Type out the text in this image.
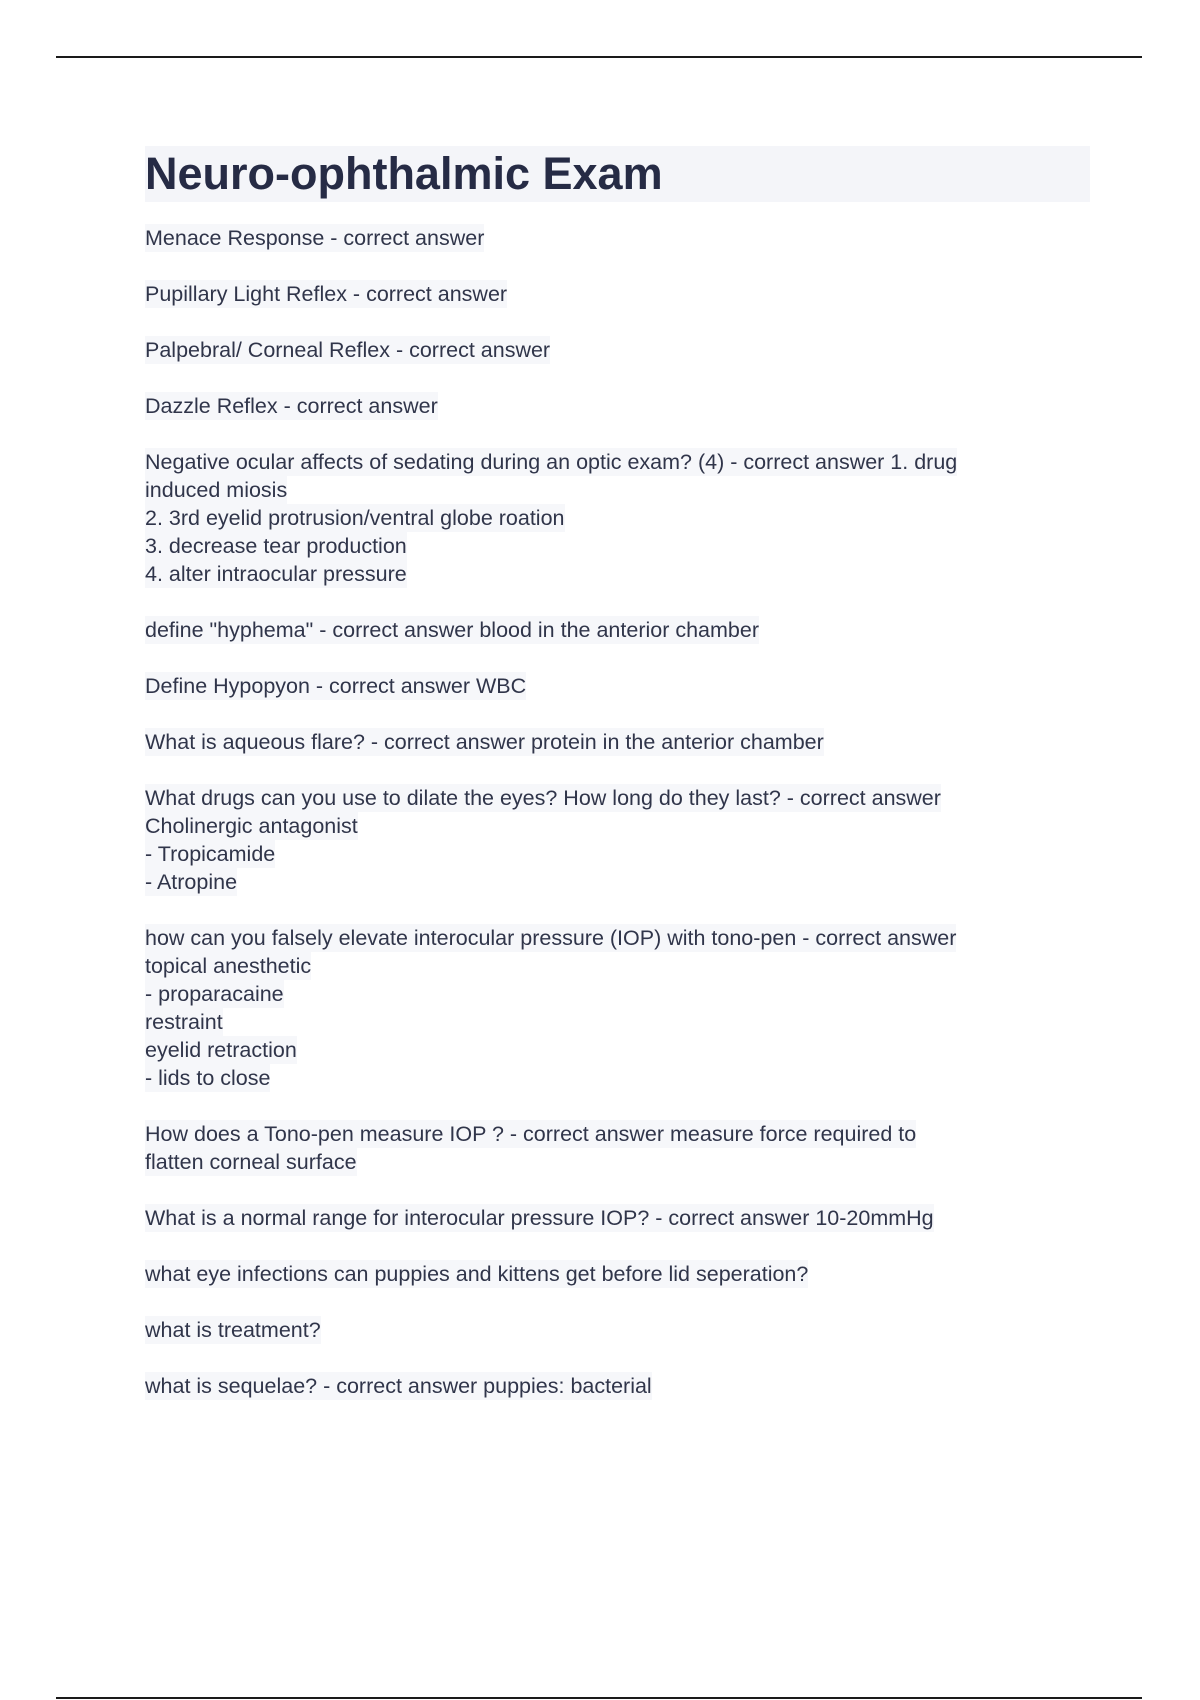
Neuro-ophthalmic Exam
Menace Response - correct answer
Pupillary Light Reflex - correct answer
Palpebral/ Corneal Reflex - correct answer
Dazzle Reflex - correct answer
Negative ocular affects of sedating during an optic exam? (4) - correct answer 1. drug
induced miosis
2. 3rd eyelid protrusion/ventral globe roation
3. decrease tear production
4. alter intraocular pressure
define "hyphema" - correct answer blood in the anterior chamber
Define Hypopyon - correct answer WBC
What is aqueous flare? - correct answer protein in the anterior chamber
What drugs can you use to dilate the eyes? How long do they last? - correct answer
Cholinergic antagonist
- Tropicamide
- Atropine
how can you falsely elevate interocular pressure (IOP) with tono-pen - correct answer
topical anesthetic
- proparacaine
restraint
eyelid retraction
- lids to close
How does a Tono-pen measure IOP ? - correct answer measure force required to
flatten corneal surface
What is a normal range for interocular pressure IOP? - correct answer 10-20mmHg
what eye infections can puppies and kittens get before lid seperation?
what is treatment?
what is sequelae? - correct answer puppies: bacterial
